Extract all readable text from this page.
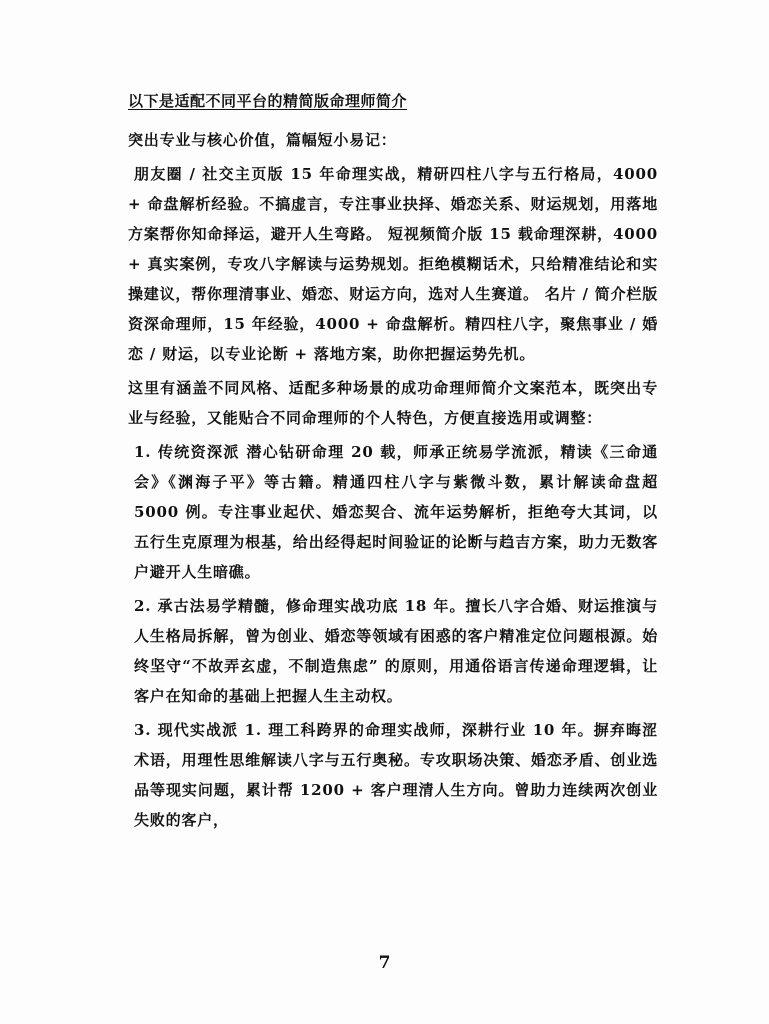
以下是适配不同平台的精简版命理师简介

突出专业与核心价值，篇幅短小易记：

朋友圈 / 社交主页版 15 年命理实战，精研四柱八字与五行格局，4000 + 命盘解析经验。不搞虚言，专注事业抉择、婚恋关系、财运规划，用落地方案帮你知命择运，避开人生弯路。 短视频简介版 15 载命理深耕，4000 + 真实案例，专攻八字解读与运势规划。拒绝模糊话术，只给精准结论和实操建议，帮你理清事业、婚恋、财运方向，选对人生赛道。 名片 / 简介栏版 资深命理师，15 年经验，4000 + 命盘解析。精四柱八字，聚焦事业 / 婚恋 / 财运，以专业论断 + 落地方案，助你把握运势先机。

这里有涵盖不同风格、适配多种场景的成功命理师简介文案范本，既突出专业与经验，又能贴合不同命理师的个人特色，方便直接选用或调整：

1. 传统资深派 潜心钻研命理 20 载，师承正统易学流派，精读《三命通会》《渊海子平》等古籍。精通四柱八字与紫微斗数，累计解读命盘超 5000 例。专注事业起伏、婚恋契合、流年运势解析，拒绝夸大其词，以五行生克原理为根基，给出经得起时间验证的论断与趋吉方案，助力无数客户避开人生暗礁。

2. 承古法易学精髓，修命理实战功底 18 年。擅长八字合婚、财运推演与人生格局拆解，曾为创业、婚恋等领域有困惑的客户精准定位问题根源。始终坚守“不故弄玄虚，不制造焦虑” 的原则，用通俗语言传递命理逻辑，让客户在知命的基础上把握人生主动权。

3. 现代实战派 1. 理工科跨界的命理实战师，深耕行业 10 年。摒弃晦涩术语，用理性思维解读八字与五行奥秘。专攻职场决策、婚恋矛盾、创业选品等现实问题，累计帮 1200 + 客户理清人生方向。曾助力连续两次创业失败的客户，

7
